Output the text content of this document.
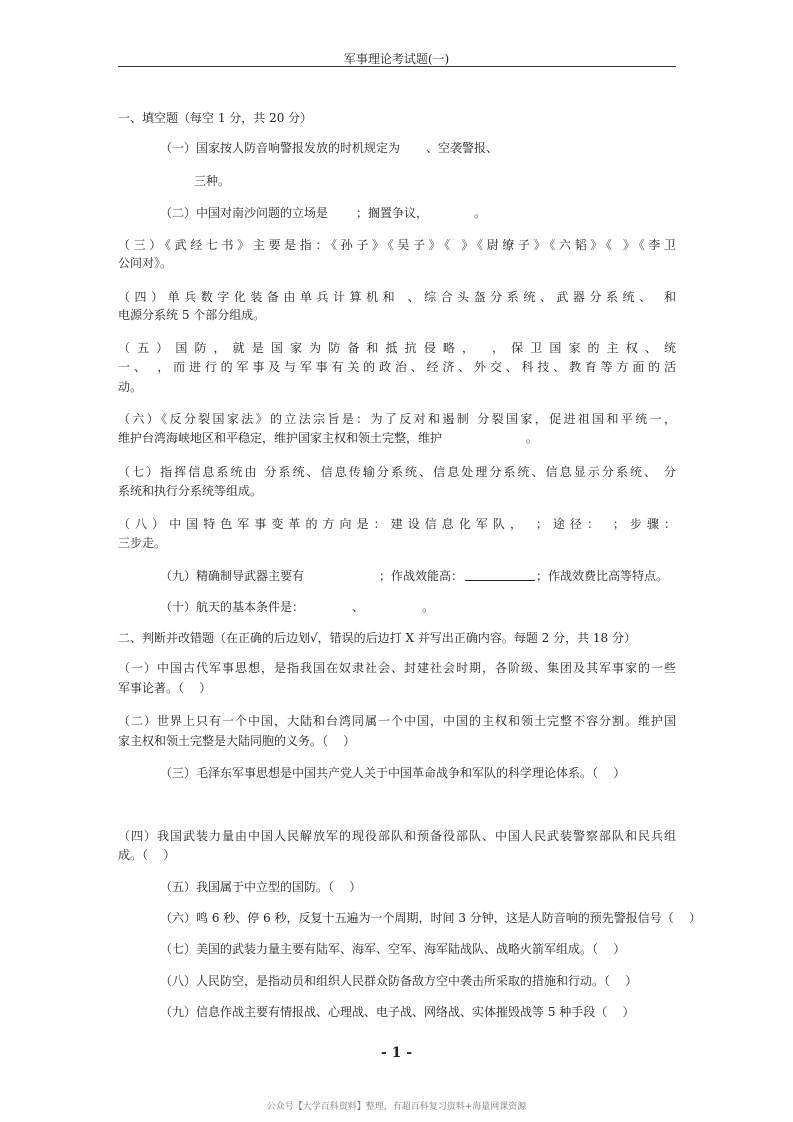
军事理论考试题(一)
一、填空题（每空 1 分，共 20 分）
（一）国家按人防音响警报发放的时机规定为 、空袭警报、
三种。
（二）中国对南沙问题的立场是 ；搁置争议，	。
（三）《武经七书》主要是指：《孙子》《吴子》《 》《尉缭子》《六韬》《 》《李卫
公问对》。
（四）单兵数字化装备由单兵计算机和 、综合头盔分系统、武器分系统、 和
电源分系统 5 个部分组成。
（五）国防，就是国家为防备和抵抗侵略， ，保卫国家的主权、统
一、 ，而进行的军事及与军事有关的政治、经济、外交、科技、教育等方面的活
动。
（六）《反分裂国家法》的立法宗旨是：为了反对和遏制 分裂国家，促进祖国和平统一，
维护台湾海峡地区和平稳定，维护国家主权和领土完整，维护                      。
（七）指挥信息系统由 分系统、信息传输分系统、信息处理分系统、信息显示分系统、 分
系统和执行分系统等组成。
（八）中国特色军事变革的方向是：建设信息化军队， ；途径： ；步骤：
三步走。
（九）精确制导武器主要有	；作战效能高：	；作战效费比高等特点。
（十）航天的基本条件是：	、	。
二、判断并改错题（在正确的后边划√，错误的后边打 X 并写出正确内容。每题 2 分，共 18 分）
（一）中国古代军事思想，是指我国在奴隶社会、封建社会时期，各阶级、集团及其军事家的一些
军事论著。（    ）
（二）世界上只有一个中国，大陆和台湾同属一个中国，中国的主权和领土完整不容分割。维护国
家主权和领土完整是大陆同胞的义务。（    ）
（三）毛泽东军事思想是中国共产党人关于中国革命战争和军队的科学理论体系。（    ）
（四）我国武装力量由中国人民解放军的现役部队和预备役部队、中国人民武装警察部队和民兵组
成。（    ）
（五）我国属于中立型的国防。（    ）
（六）鸣 6 秒、停 6 秒，反复十五遍为一个周期，时间 3 分钟，这是人防音响的预先警报信号（    ）
（七）美国的武装力量主要有陆军、海军、空军、海军陆战队、战略火箭军组成。（    ）
（八）人民防空，是指动员和组织人民群众防备敌方空中袭击所采取的措施和行动。（    ）
（九）信息作战主要有情报战、心理战、电子战、网络战、实体摧毁战等 5 种手段（    ）
- 1 -
公众号【大学百科资料】整理，有超百科复习资料+海量网课资源
